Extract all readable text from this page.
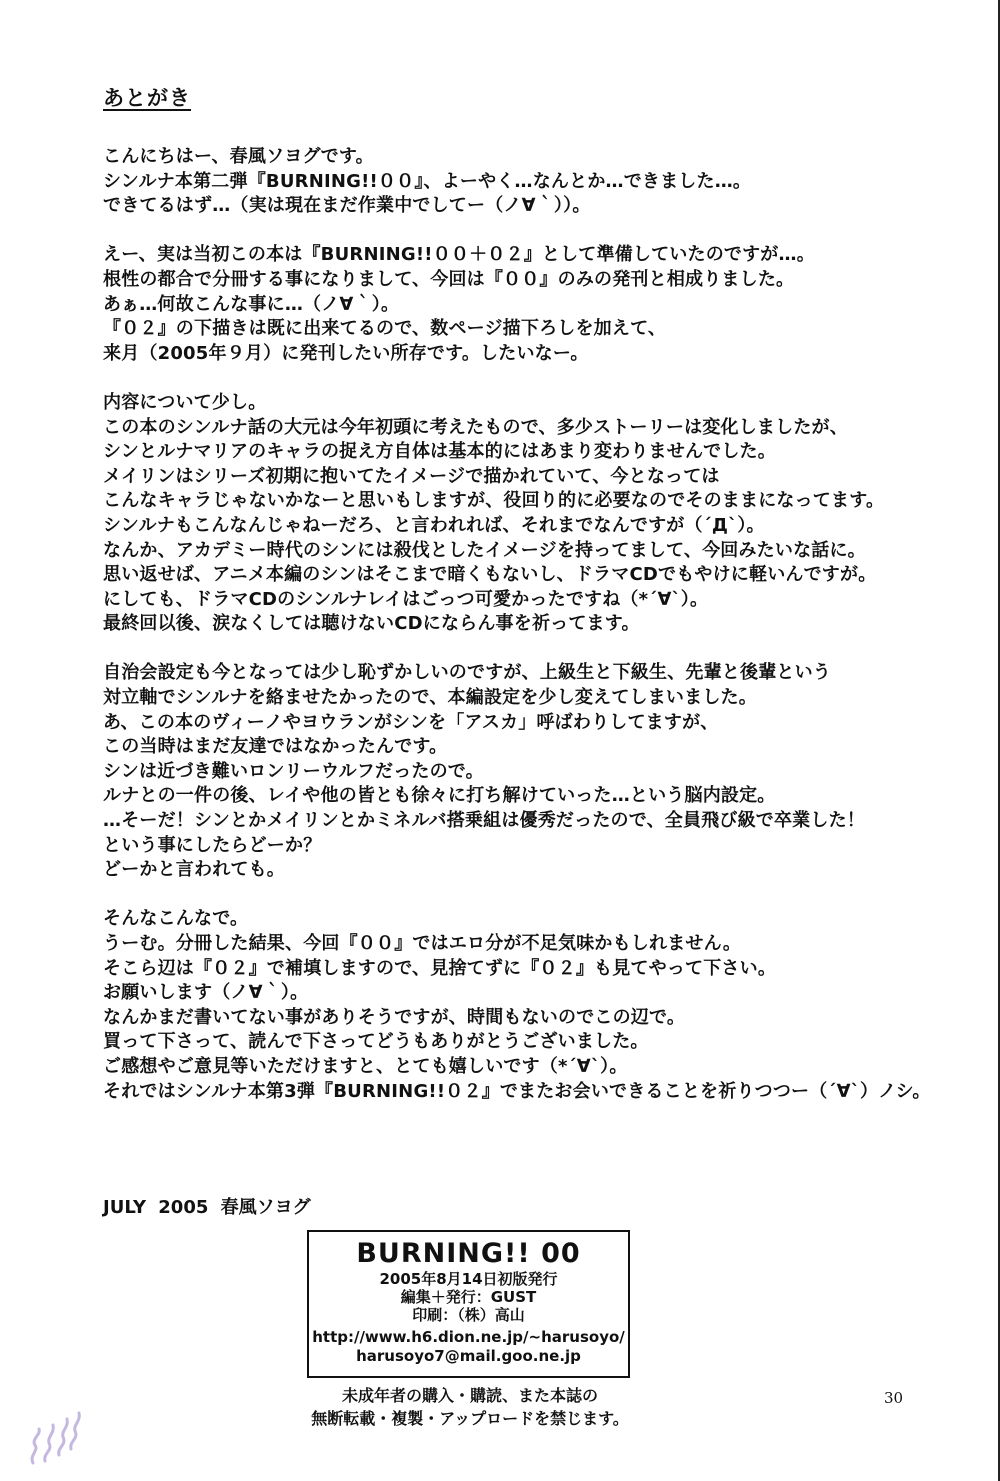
あとがき
こんにちはー、春風ソヨグです。
シンルナ本第二弾『BURNING!!００』、よーやく…なんとか…できました…。
できてるはず…（実は現在まだ作業中でしてー（ノ∀｀））。
えー、実は当初この本は『BURNING!!００＋０２』として準備していたのですが…。
根性の都合で分冊する事になりまして、今回は『００』のみの発刊と相成りました。
あぁ…何故こんな事に…（ノ∀｀）。
『０２』の下描きは既に出来てるので、数ページ描下ろしを加えて、
来月（2005年９月）に発刊したい所存です。したいなー。
内容について少し。
この本のシンルナ話の大元は今年初頭に考えたもので、多少ストーリーは変化しましたが、
シンとルナマリアのキャラの捉え方自体は基本的にはあまり変わりませんでした。
メイリンはシリーズ初期に抱いてたイメージで描かれていて、今となっては
こんなキャラじゃないかなーと思いもしますが、役回り的に必要なのでそのままになってます。
シンルナもこんなんじゃねーだろ、と言われれば、それまでなんですが（´Д`）。
なんか、アカデミー時代のシンには殺伐としたイメージを持ってまして、今回みたいな話に。
思い返せば、アニメ本編のシンはそこまで暗くもないし、ドラマCDでもやけに軽いんですが。
にしても、ドラマCDのシンルナレイはごっつ可愛かったですね（*´∀`）。
最終回以後、涙なくしては聴けないCDにならん事を祈ってます。
自治会設定も今となっては少し恥ずかしいのですが、上級生と下級生、先輩と後輩という
対立軸でシンルナを絡ませたかったので、本編設定を少し変えてしまいました。
あ、この本のヴィーノやヨウランがシンを「アスカ」呼ばわりしてますが、
この当時はまだ友達ではなかったんです。
シンは近づき難いロンリーウルフだったので。
ルナとの一件の後、レイや他の皆とも徐々に打ち解けていった…という脳内設定。
…そーだ！シンとかメイリンとかミネルバ搭乗組は優秀だったので、全員飛び級で卒業した！
という事にしたらどーか？
どーかと言われても。
そんなこんなで。
うーむ。分冊した結果、今回『００』ではエロ分が不足気味かもしれません。
そこら辺は『０２』で補填しますので、見捨てずに『０２』も見てやって下さい。
お願いします（ノ∀｀）。
なんかまだ書いてない事がありそうですが、時間もないのでこの辺で。
買って下さって、読んで下さってどうもありがとうございました。
ご感想やご意見等いただけますと、とても嬉しいです（*´∀`）。
それではシンルナ本第3弾『BURNING!!０２』でまたお会いできることを祈りつつー（´∀`）ノシ。
JULY 2005 春風ソヨグ
BURNING!! 00
2005年8月14日初版発行
編集＋発行：GUST
印刷：（株）高山
http://www.h6.dion.ne.jp/~harusoyo/
harusoyo7@mail.goo.ne.jp
未成年者の購入・購読、また本誌の
無断転載・複製・アップロードを禁じます。
30
